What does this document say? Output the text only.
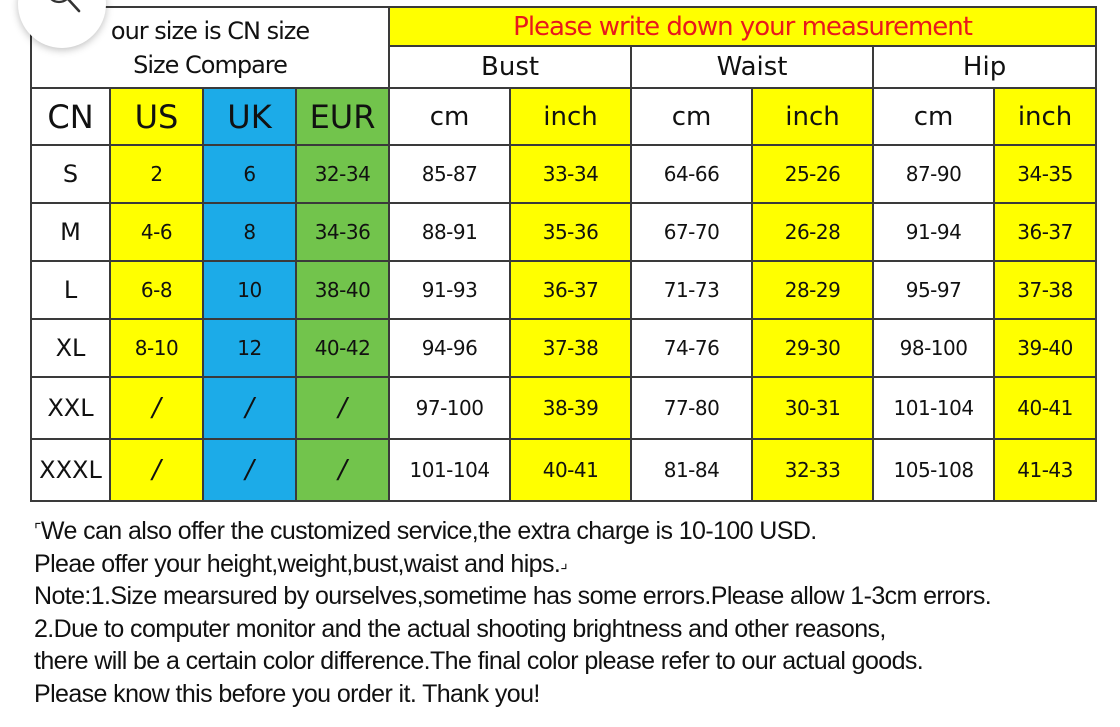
our size is CN size
Size Compare				Please write down your measurement					
				Bust		Waist		Hip	
CN	US	UK	EUR	cm	inch	cm	inch	cm	inch
S	2	6	32-34	85-87	33-34	64-66	25-26	87-90	34-35
M	4-6	8	34-36	88-91	35-36	67-70	26-28	91-94	36-37
L	6-8	10	38-40	91-93	36-37	71-73	28-29	95-97	37-38
XL	8-10	12	40-42	94-96	37-38	74-76	29-30	98-100	39-40
XXL	/	/	/	97-100	38-39	77-80	30-31	101-104	40-41
XXXL	/	/	/	101-104	40-41	81-84	32-33	105-108	41-43

⌜ We can also offer the customized service,the extra charge is 10-100 USD.

Pleae offer your height,weight,bust,waist and hips. ⌟

Note:1.Size mearsured by ourselves,sometime has some errors.Please allow 1-3cm errors.

2.Due to computer monitor and the actual shooting brightness and other reasons,

there will be a certain color difference.The final color please refer to our actual goods.

Please know this before you order it. Thank you!
